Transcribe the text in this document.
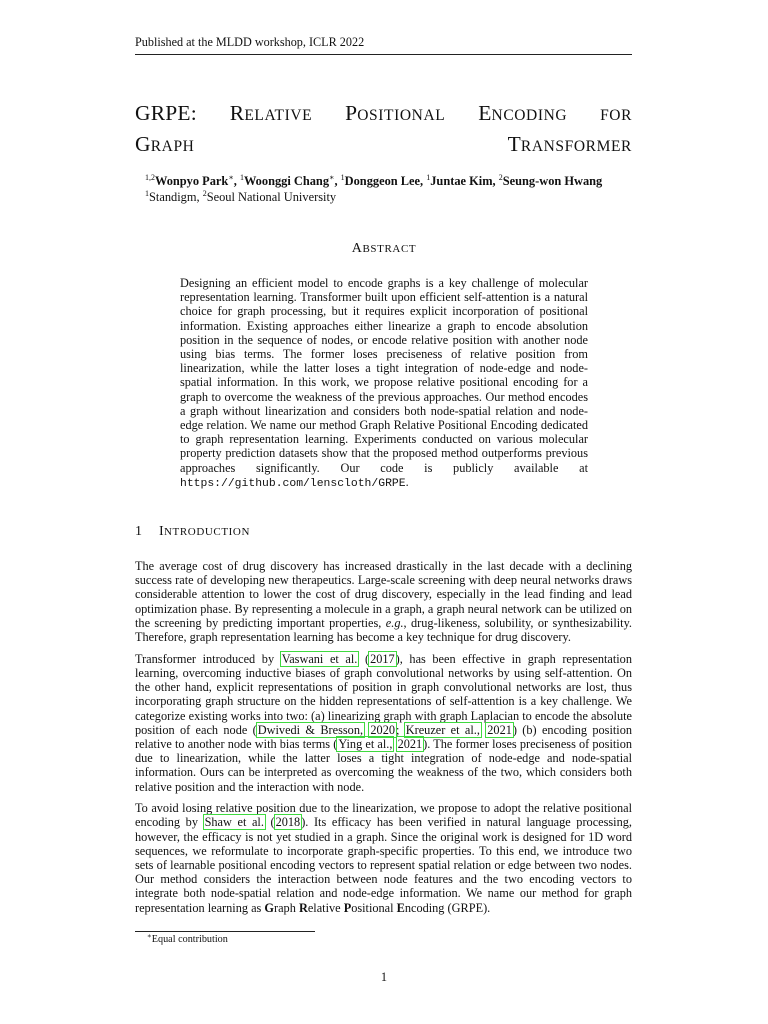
Published at the MLDD workshop, ICLR 2022
GRPE: RELATIVE POSITIONAL ENCODING FOR
GRAPH	TRANSFORMER
$^{1,2}$Wonpyo Park∗, $^1$Woonggi Chang∗, $^1$Donggeon Lee, $^1$Juntae Kim, $^2$Seung-won Hwang
$^1$Standigm, $^2$Seoul National University
ABSTRACT
Designing an efficient model to encode graphs is a key challenge of molecular representation learning. Transformer built upon efficient self-attention is a natural choice for graph processing, but it requires explicit incorporation of positional information. Existing approaches either linearize a graph to encode absolution position in the sequence of nodes, or encode relative position with another node using bias terms. The former loses preciseness of relative position from linearization, while the latter loses a tight integration of node-edge and node-spatial information. In this work, we propose relative positional encoding for a graph to overcome the weakness of the previous approaches. Our method encodes a graph without linearization and considers both node-spatial relation and node-edge relation. We name our method Graph Relative Positional Encoding dedicated to graph representation learning. Experiments conducted on various molecular property prediction datasets show that the proposed method outperforms previous approaches significantly. Our code is publicly available at https://github.com/lenscloth/GRPE.
1 INTRODUCTION

The average cost of drug discovery has increased drastically in the last decade with a declining success rate of developing new therapeutics. Large-scale screening with deep neural networks draws considerable attention to lower the cost of drug discovery, especially in the lead finding and lead optimization phase. By representing a molecule in a graph, a graph neural network can be utilized on the screening by predicting important properties, e.g., drug-likeness, solubility, or synthesizability. Therefore, graph representation learning has become a key technique for drug discovery.

Transformer introduced by Vaswani et al. (2017), has been effective in graph representation learning, overcoming inductive biases of graph convolutional networks by using self-attention. On the other hand, explicit representations of position in graph convolutional networks are lost, thus incorporating graph structure on the hidden representations of self-attention is a key challenge. We categorize existing works into two: (a) linearizing graph with graph Laplacian to encode the absolute position of each node (Dwivedi & Bresson, 2020; Kreuzer et al., 2021) (b) encoding position relative to another node with bias terms (Ying et al., 2021). The former loses preciseness of position due to linearization, while the latter loses a tight integration of node-edge and node-spatial information. Ours can be interpreted as overcoming the weakness of the two, which considers both relative position and the interaction with node.

To avoid losing relative position due to the linearization, we propose to adopt the relative positional encoding by Shaw et al. (2018). Its efficacy has been verified in natural language processing, however, the efficacy is not yet studied in a graph. Since the original work is designed for 1D word sequences, we reformulate to incorporate graph-specific properties. To this end, we introduce two sets of learnable positional encoding vectors to represent spatial relation or edge between two nodes. Our method considers the interaction between node features and the two encoding vectors to integrate both node-spatial relation and node-edge information. We name our method for graph representation learning as Graph Relative Positional Encoding (GRPE).

∗Equal contribution
1
